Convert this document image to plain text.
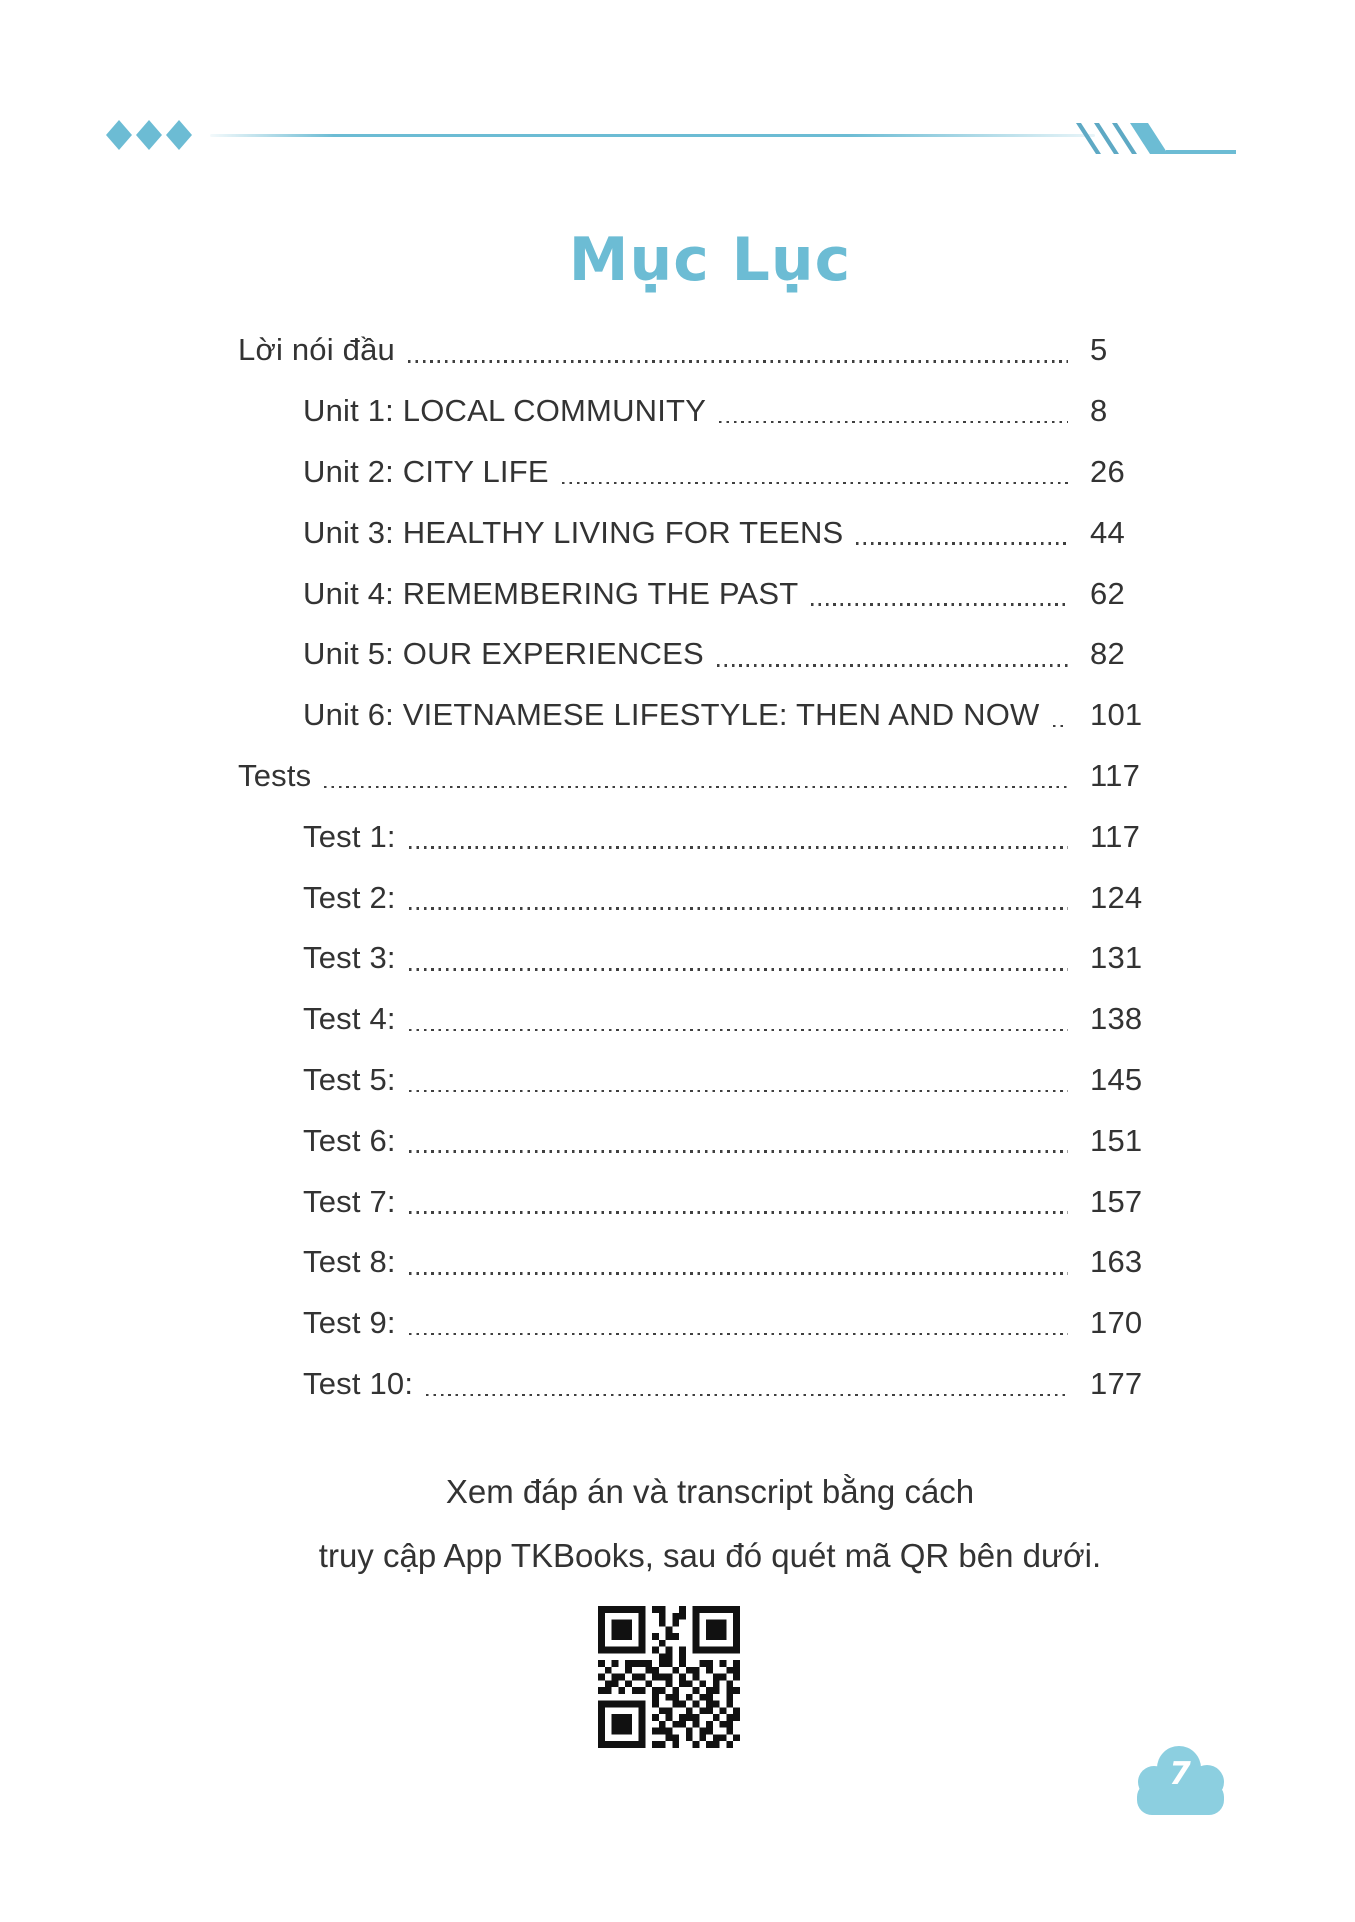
Mục Lục
Lời nói đầu	5
Unit 1: LOCAL COMMUNITY	8
Unit 2: CITY LIFE	26
Unit 3: HEALTHY LIVING FOR TEENS	44
Unit 4: REMEMBERING THE PAST	62
Unit 5: OUR EXPERIENCES	82
Unit 6: VIETNAMESE LIFESTYLE: THEN AND NOW	101
Tests	117
Test 1:	117
Test 2:	124
Test 3:	131
Test 4:	138
Test 5:	145
Test 6:	151
Test 7:	157
Test 8:	163
Test 9:	170
Test 10:	177

Xem đáp án và transcript bằng cách

truy cập App TKBooks, sau đó quét mã QR bên dưới.

7
